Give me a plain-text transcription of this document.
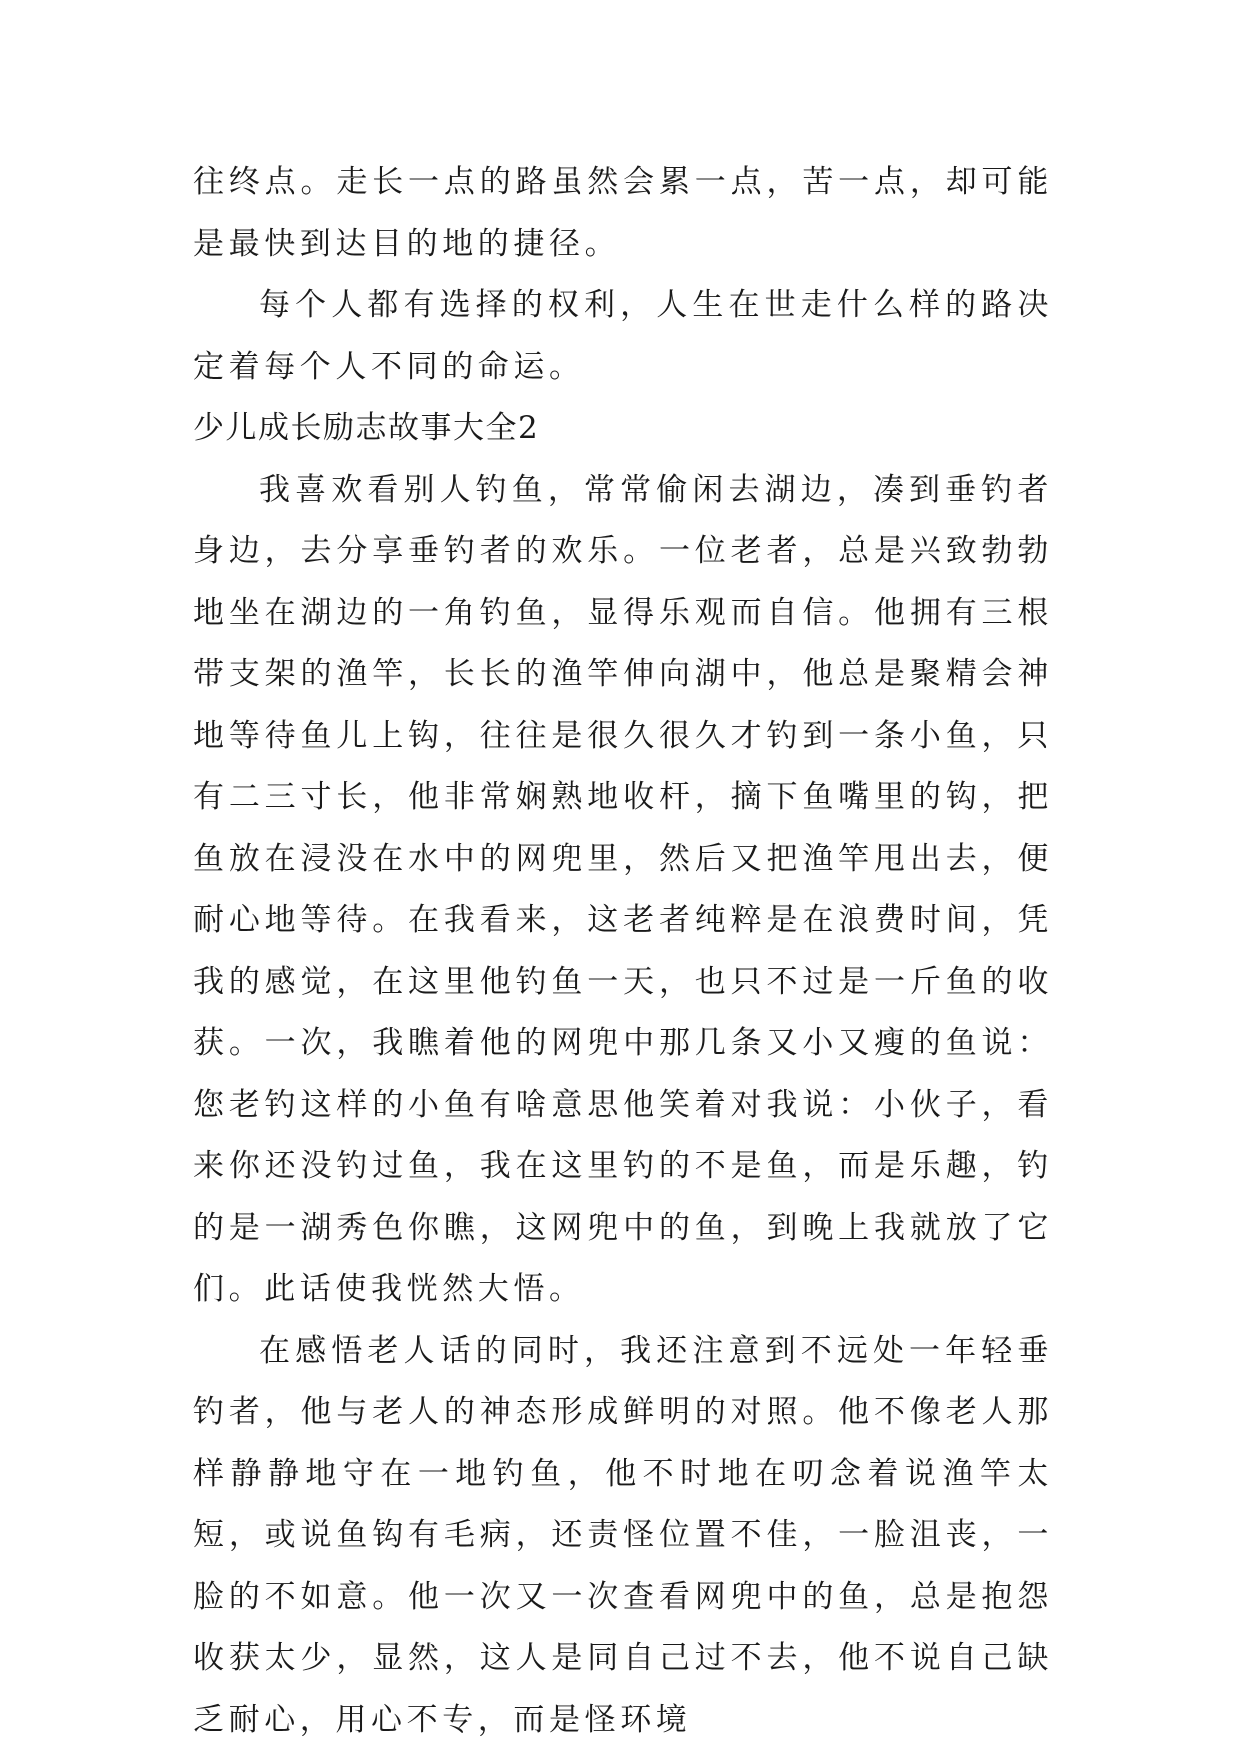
往终点。走长一点的路虽然会累一点，苦一点，却可能是最快到达目的地的捷径。

每个人都有选择的权利，人生在世走什么样的路决定着每个人不同的命运。

少儿成长励志故事大全2

我喜欢看别人钓鱼，常常偷闲去湖边，凑到垂钓者身边，去分享垂钓者的欢乐。一位老者，总是兴致勃勃地坐在湖边的一角钓鱼，显得乐观而自信。他拥有三根带支架的渔竿，长长的渔竿伸向湖中，他总是聚精会神地等待鱼儿上钩，往往是很久很久才钓到一条小鱼，只有二三寸长，他非常娴熟地收杆，摘下鱼嘴里的钩，把鱼放在浸没在水中的网兜里，然后又把渔竿甩出去，便耐心地等待。在我看来，这老者纯粹是在浪费时间，凭我的感觉，在这里他钓鱼一天，也只不过是一斤鱼的收获。一次，我瞧着他的网兜中那几条又小又瘦的鱼说：您老钓这样的小鱼有啥意思他笑着对我说：小伙子，看来你还没钓过鱼，我在这里钓的不是鱼，而是乐趣，钓的是一湖秀色你瞧，这网兜中的鱼，到晚上我就放了它们。此话使我恍然大悟。

在感悟老人话的同时，我还注意到不远处一年轻垂钓者，他与老人的神态形成鲜明的对照。他不像老人那样静静地守在一地钓鱼，他不时地在叨念着说渔竿太短，或说鱼钩有毛病，还责怪位置不佳，一脸沮丧，一脸的不如意。他一次又一次查看网兜中的鱼，总是抱怨收获太少，显然，这人是同自己过不去，他不说自己缺乏耐心，用心不专，而是怪环境
